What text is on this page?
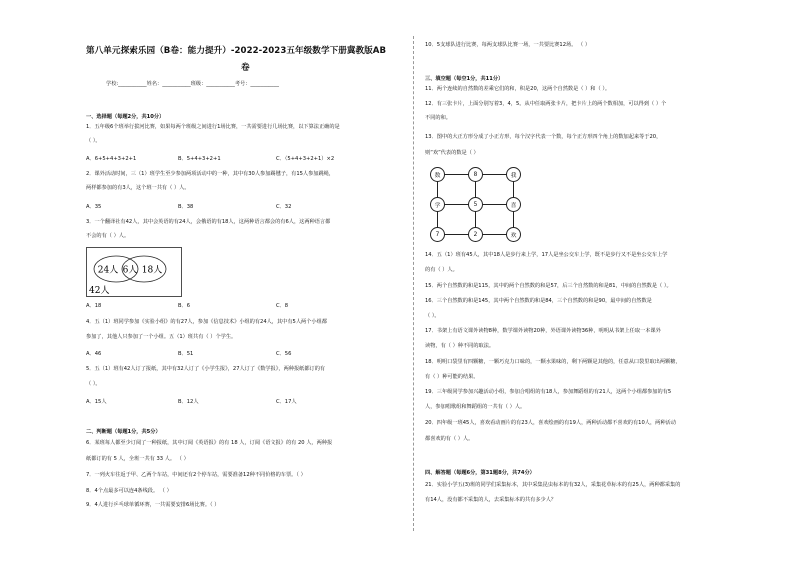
第八单元探索乐园（B卷：能力提升）-2022-2023五年级数学下册冀教版AB
卷
学校:___________姓名：___________班级：___________考号：___________
一、选择题（每题2分，共10分）
1．五年级6个班举行拔河比赛，如果每两个班级之间进行1场比赛，一共需要进行几场比赛，以下算法正确的是
（ ）。
A．6+5+4+3+2+1	B．5+4+3+2+1	C．（5+4+3+2+1）×2
2．课外活动时间，三（1）班学生至少参加两项活动中的一种，其中有30人参加踢毽子，有15人参加跳绳，
两样都参加的有3人，这个班一共有（ ）人。
A．35	B．38	C．32
3．一个翻译社有42人，其中会英语的有24人，会俄语的有18人，这两种语言都会的有6人，这两种语言都
不会的有（ ）人。
24人 6人 18人
42人
A．18	B．6	C．8
4．五（1）班同学参加《实验小组》的有27人，参加《信息技术》小组的有24人，其中有5人两个小组都
参加了，其他人只参加了一个小组。五（1）班共有（ ）个学生。
A．46	B．51	C．56
5．五（1）班有42人订了报纸，其中有32人订了《小学生报》，27人订了《数学报》，两种报纸都订的有
（ ）。
A．15人	B．12人	C．17人
二、判断题（每题1分，共5分）
6．某班每人都至少订阅了一种报纸，其中订阅《英语报》的有 18 人，订阅《语文报》的有 20 人，两种报
纸都订的有 5 人，全班一共有 33 人。 （ ）
7．一列火车往返于甲、乙两个车站，中间还有2个停车站，需要准备12种不同价格的车票。（ ）
8．4个点最多可以连4条线段。 （ ）
9．4人进行乒乓球单循环赛，一共需要安排6场比赛。（ ）
10．5支球队进行比赛，每两支球队比赛一场，一共要比赛12场。 （ ）
三、填空题（每空1分，共11分）
11．两个连续的自然数的差乘它们的和，积是20，这两个自然数是（ ）和（ ）。
12．有三张卡片，上面分别写着3，4，5。从中任取两张卡片，把卡片上的两个数相加，可以得到（ ）个
不同的和。
13．图中的大正方形分成了小正方形，每个汉字代表一个数，每个正方形四个角上的数加起来等于20，
则“欢”代表的数是（ ）
数	8	我
学	5	喜
7	2	欢
14．五（1）班有45人，其中18人是步行来上学，17人是坐公交车上学，既不是步行又不是坐公交车上学
的有（ ）人。
15．两个自然数的和是115，其中的两个自然数的和是57，后三个自然数的和是81，中间的自然数是（ ）。
16．三个自然数的和是145，其中两个自然数的和是84，三个自然数的和是90，最中间的自然数是
（ ）。
17．书架上有语文课外读物8种，数学课外读物20种，外语课外读物36种，明明从书架上任取一本课外
读物，有（ ）种不同的取法。
18．明明口袋里有四颗糖，一颗巧克力口味的，一颗水果味的，剩下两颗是其他的，任意从口袋里取出两颗糖，
有（ ）种可能的结果。
19．三年级同学参加兴趣活动小组，参加合唱组的有18人，参加舞蹈组的有21人，这两个小组都参加的有5
人，参加唱歌组和舞蹈组的一共有（ ）人。
20．四年级一班45人，喜欢看动画片的有23人，喜欢绘画的有19人，两种活动都不喜欢的有10人，两种活动
都喜欢的有（ ）人。
四、解答题（每题6分，第31题8分，共74分）
21．实验小学五(3)班的同学们采集标本，其中采集昆虫标本的有32人，采集花草标本的有25人，两种都采集的
有14人，没有都不采集的人，去采集标本的共有多少人？
